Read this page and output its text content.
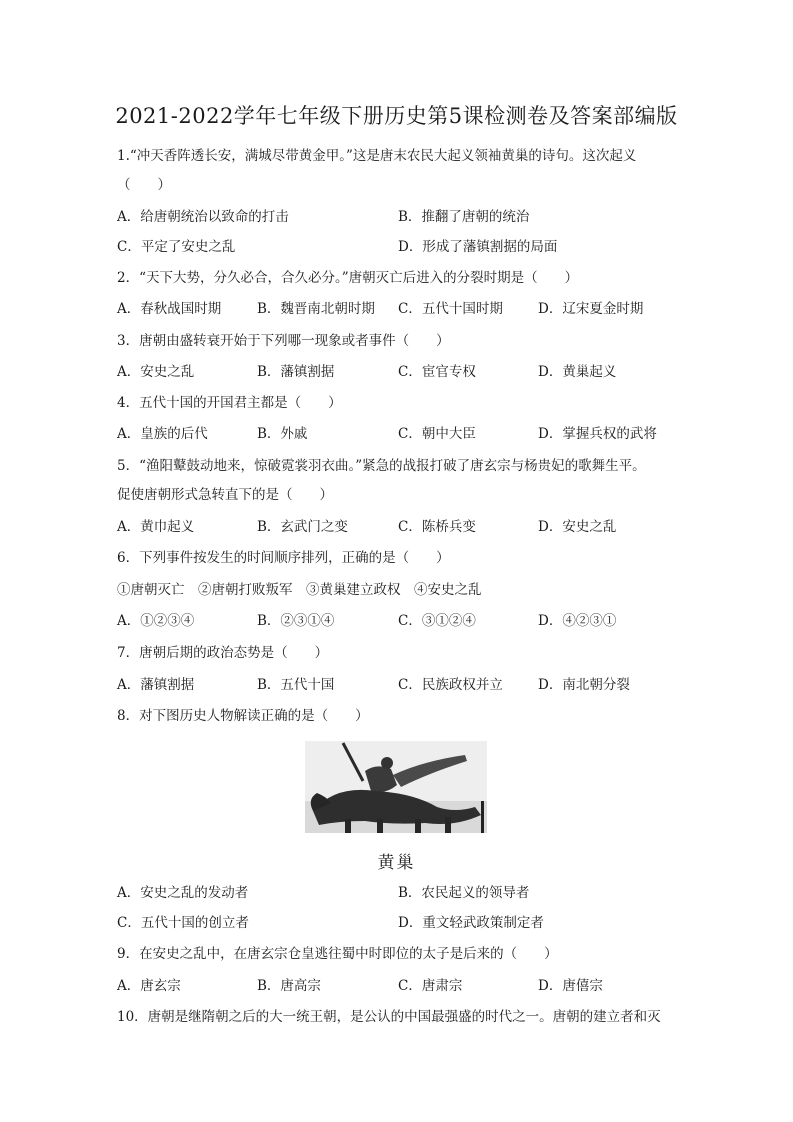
2021-2022学年七年级下册历史第5课检测卷及答案部编版
1.“冲天香阵透长安，满城尽带黄金甲。”这是唐末农民大起义领袖黄巢的诗句。这次起义
（　　）
A．给唐朝统治以致命的打击	B．推翻了唐朝的统治
C．平定了安史之乱	D．形成了藩镇割据的局面
2．“天下大势，分久必合，合久必分。”唐朝灭亡后进入的分裂时期是（　　）
A．春秋战国时期	B．魏晋南北朝时期 C．五代十国时期	D．辽宋夏金时期
3．唐朝由盛转衰开始于下列哪一现象或者事件（　　）
A．安史之乱	B．藩镇割据	C．宦官专权	D．黄巢起义
4．五代十国的开国君主都是（　　）
A．皇族的后代	B．外戚	C．朝中大臣	D．掌握兵权的武将
5．“渔阳鼙鼓动地来，惊破霓裳羽衣曲。”紧急的战报打破了唐玄宗与杨贵妃的歌舞生平。
促使唐朝形式急转直下的是（　　）
A．黄巾起义	B．玄武门之变	C．陈桥兵变	D．安史之乱
6．下列事件按发生的时间顺序排列，正确的是（　　）
①唐朝灭亡　②唐朝打败叛军　③黄巢建立政权　④安史之乱
A．①②③④	B．②③①④	C．③①②④	D．④②③①
7．唐朝后期的政治态势是（　　）
A．藩镇割据	B．五代十国	C．民族政权并立	D．南北朝分裂
8．对下图历史人物解读正确的是（　　）
黄巢
A．安史之乱的发动者	B．农民起义的领导者
C．五代十国的创立者	D．重文轻武政策制定者
9．在安史之乱中，在唐玄宗仓皇逃往蜀中时即位的太子是后来的（　　）
A．唐玄宗	B．唐高宗	C．唐肃宗	D．唐僖宗
10．唐朝是继隋朝之后的大一统王朝，是公认的中国最强盛的时代之一。唐朝的建立者和灭
